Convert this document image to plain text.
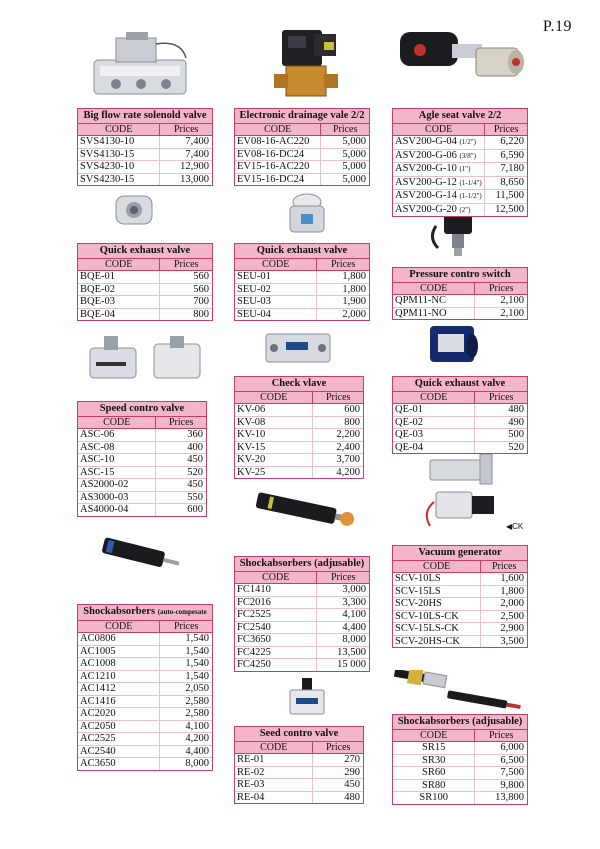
P.19
◀CK
Big flow rate solenold valve
CODE	Prices
SVS4130-10	7,400
SVS4130-15	7,400
SVS4230-10	12,900
SVS4230-15	13,000
Electronic drainage vale 2/2
CODE	Prices
EV08-16-AC220	5,000
EV08-16-DC24	5,000
EV15-16-AC220	5,000
EV15-16-DC24	5,000
Agle seat valve 2/2
CODE	Prices
ASV200-G-04 (1/2")	6,220
ASV200-G-06 (3/8")	6,590
ASV200-G-10 (1")	7,180
ASV200-G-12 (1-1/4")	8,650
ASV200-G-14 (1-1/2")	11,500
ASV200-G-20 (2")	12,500
Quick exhaust valve
CODE	Prices
BQE-01	560
BQE-02	560
BQE-03	700
BQE-04	800
Quick exhaust valve
CODE	Prices
SEU-01	1,800
SEU-02	1,800
SEU-03	1,900
SEU-04	2,000
Pressure contro switch
CODE	Prices
QPM11-NC	2,100
QPM11-NO	2,100
Speed contro valve
CODE	Prices
ASC-06	360
ASC-08	400
ASC-10	450
ASC-15	520
AS2000-02	450
AS3000-03	550
AS4000-04	600
Check vlave
CODE	Prices
KV-06	600
KV-08	800
KV-10	2,200
KV-15	2,400
KV-20	3,700
KV-25	4,200
Quick exhaust valve
CODE	Prices
QE-01	480
QE-02	490
QE-03	500
QE-04	520
Vacuum generator
CODE	Prices
SCV-10LS	1,600
SCV-15LS	1,800
SCV-20HS	2,000
SCV-10LS-CK	2,500
SCV-15LS-CK	2,900
SCV-20HS-CK	3,500
Shockabsorbers (adjusable)
CODE	Prices
FC1410	3,000
FC2016	3,300
FC2525	4,100
FC2540	4,400
FC3650	8,000
FC4225	13,500
FC4250	15 000
Shockabsorbers (auto-compesate
CODE	Prices
AC0806	1,540
AC1005	1,540
AC1008	1,540
AC1210	1,540
AC1412	2,050
AC1416	2,580
AC2020	2,580
AC2050	4,100
AC2525	4,200
AC2540	4,400
AC3650	8,000
Seed contro valve
CODE	Prices
RE-01	270
RE-02	290
RE-03	450
RE-04	480
Shockabsorbers (adjusable)
CODE	Prices
SR15	6,000
SR30	6,500
SR60	7,500
SR80	9,800
SR100	13,800
